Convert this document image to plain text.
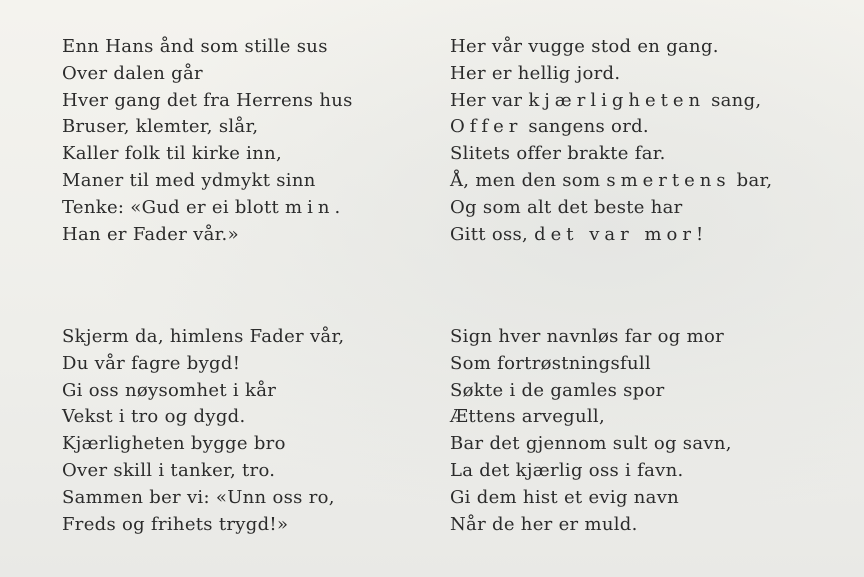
Enn Hans ånd som stille sus
Over dalen går
Hver gang det fra Herrens hus
Bruser, klemter, slår,
Kaller folk til kirke inn,
Maner til med ydmykt sinn
Tenke: «Gud er ei blott min.
Han er Fader vår.»
Her vår vugge stod en gang.
Her er hellig jord.
Her var kjærligheten sang,
Offer sangens ord.
Slitets offer brakte far.
Å, men den som smertens bar,
Og som alt det beste har
Gitt oss, det var mor!
Skjerm da, himlens Fader vår,
Du vår fagre bygd!
Gi oss nøysomhet i kår
Vekst i tro og dygd.
Kjærligheten bygge bro
Over skill i tanker, tro.
Sammen ber vi: «Unn oss ro,
Freds og frihets trygd!»
Sign hver navnløs far og mor
Som fortrøstningsfull
Søkte i de gamles spor
Ættens arvegull,
Bar det gjennom sult og savn,
La det kjærlig oss i favn.
Gi dem hist et evig navn
Når de her er muld.
